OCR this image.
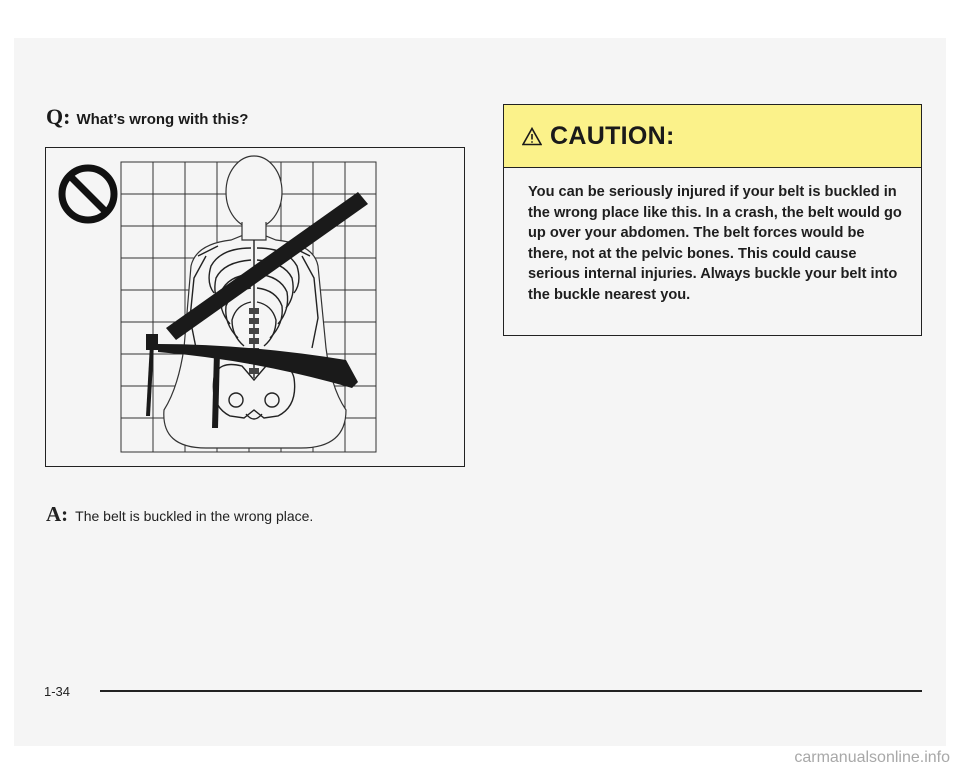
Q: What’s wrong with this?
A: The belt is buckled in the wrong place.
CAUTION:
You can be seriously injured if your belt is buckled in the wrong place like this. In a crash, the belt would go up over your abdomen. The belt forces would be there, not at the pelvic bones. This could cause serious internal injuries. Always buckle your belt into the buckle nearest you.
1-34
carmanualsonline.info
